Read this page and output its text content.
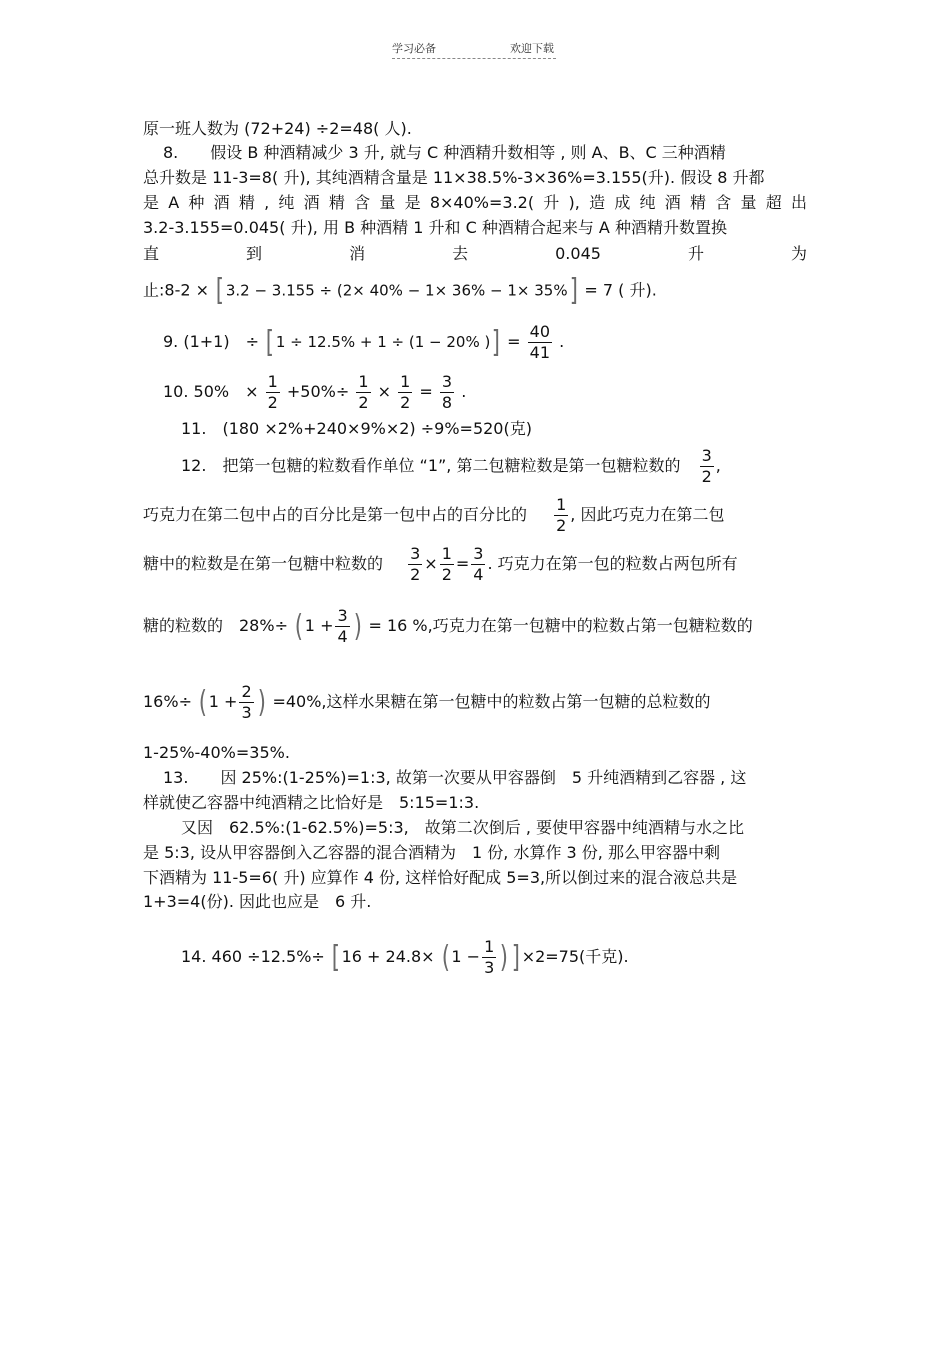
学习必备	欢迎下载
原一班人数为 (72+24) ÷2=48( 人).
8.　　假设 B 种酒精减少 3 升, 就与 C 种酒精升数相等 , 则 A、B、C 三种酒精
总升数是 11-3=8( 升), 其纯酒精含量是 11×38.5%-3×36%=3.155(升). 假设 8 升都
是 A 种 酒 精 , 纯 酒 精 含 量 是 8×40%=3.2( 升 ), 造 成 纯 酒 精 含 量 超 出
3.2-3.155=0.045( 升), 用 B 种酒精 1 升和 C 种酒精合起来与 A 种酒精升数置换
直	到	消	去	0.045	升	为
止:8-2 × [ 3.2 − 3.155 ÷ (2× 40% − 1× 36% − 1× 35%] = 7 ( 升).
9. (1+1)　÷ [ 1 ÷ 12.5% + 1 ÷ (1 − 20% )] = $\frac{40}{41}$ .
10. 50%　× $\frac{1}{2} +50\%\div \frac{1}{2} \times \frac{1}{2} = \frac{3}{8}$ .
11.　(180 ×2%+240×9%×2) ÷9%=520(克)
12.　把第一包糖的粒数看作单位 “1”, 第二包糖粒数是第一包糖粒数的 $\frac{3}{2}$ ,
巧克力在第二包中占的百分比是第一包中占的百分比的 $\frac{1}{2}$ , 因此巧克力在第二包
糖中的粒数是在第一包糖中粒数的 $\frac{3}{2} \times \frac{1}{2} = \frac{3}{4}$ . 巧克力在第一包的粒数占两包所有
糖的粒数的　28%÷ ( $1 + \frac{3}{4}$ ) = 16 %,巧克力在第一包糖中的粒数占第一包糖粒数的
16%÷ ( $1 + \frac{2}{3}$ ) =40%,这样水果糖在第一包糖中的粒数占第一包糖的总粒数的
1-25%-40%=35%.
13.　　因 25%:(1-25%)=1:3, 故第一次要从甲容器倒　5 升纯酒精到乙容器 , 这
样就使乙容器中纯酒精之比恰好是　5:15=1:3.
又因　62.5%:(1-62.5%)=5:3,　故第二次倒后 , 要使甲容器中纯酒精与水之比
是 5:3, 设从甲容器倒入乙容器的混合酒精为　1 份, 水算作 3 份, 那么甲容器中剩
下酒精为 11-5=6( 升) 应算作 4 份, 这样恰好配成 5=3,所以倒过来的混合液总共是
1+3=4(份). 因此也应是　6 升.
14. 460 ÷12.5%÷ [ 16 + 24.8× ( $1 - \frac{1}{3}$ ) ] ×2=75(千克).
